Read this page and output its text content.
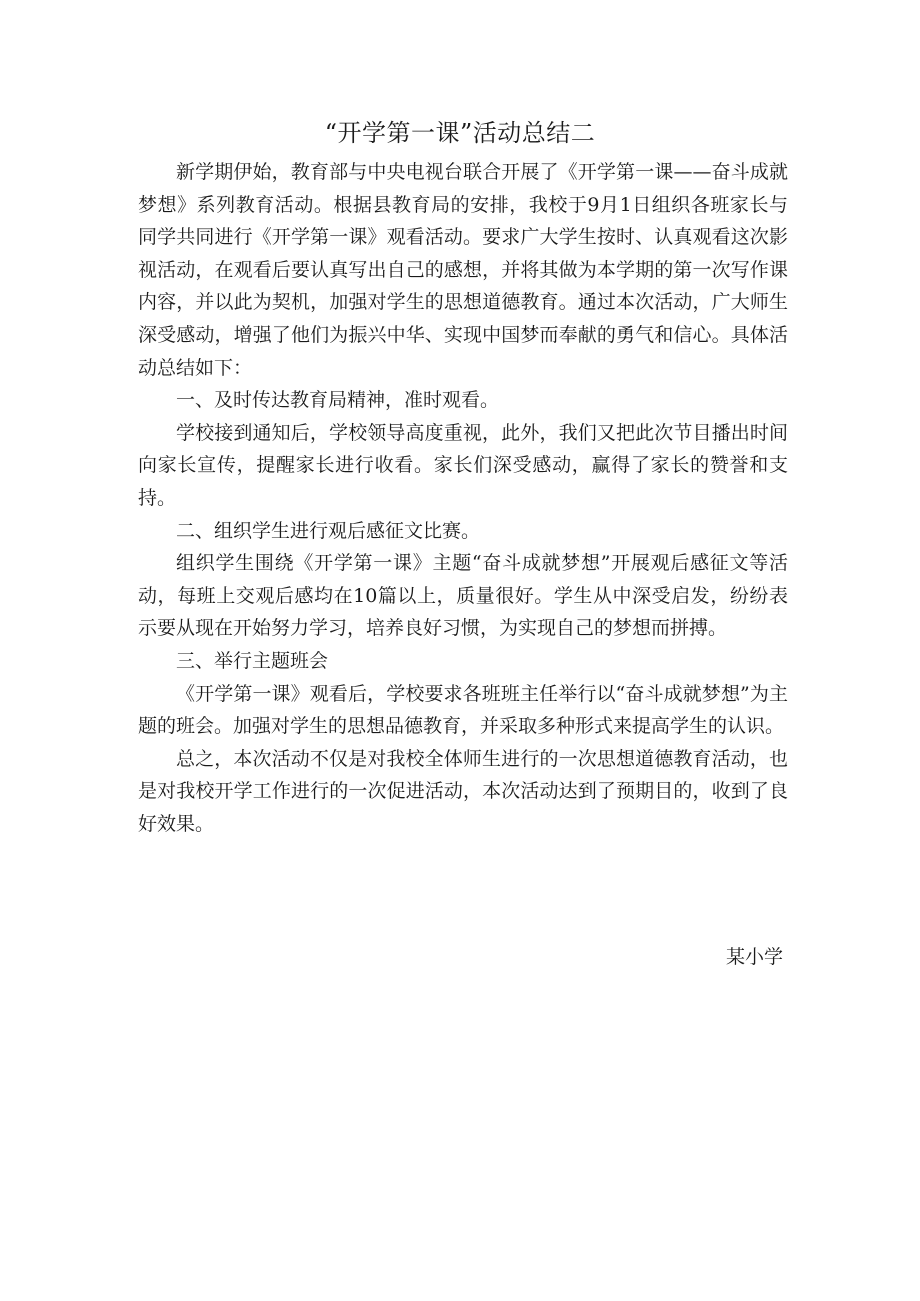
“开学第一课”活动总结二

新学期伊始，教育部与中央电视台联合开展了《开学第一课——奋斗成就梦想》系列教育活动。根据县教育局的安排，我校于9月1日组织各班家长与同学共同进行《开学第一课》观看活动。要求广大学生按时、认真观看这次影视活动，在观看后要认真写出自己的感想，并将其做为本学期的第一次写作课内容，并以此为契机，加强对学生的思想道德教育。通过本次活动，广大师生深受感动，增强了他们为振兴中华、实现中国梦而奉献的勇气和信心。具体活动总结如下：

一、及时传达教育局精神，准时观看。

学校接到通知后，学校领导高度重视，此外，我们又把此次节目播出时间向家长宣传，提醒家长进行收看。家长们深受感动，赢得了家长的赞誉和支持。

二、组织学生进行观后感征文比赛。

组织学生围绕《开学第一课》主题“奋斗成就梦想”开展观后感征文等活动，每班上交观后感均在10篇以上，质量很好。学生从中深受启发，纷纷表示要从现在开始努力学习，培养良好习惯，为实现自己的梦想而拼搏。

三、举行主题班会

《开学第一课》观看后，学校要求各班班主任举行以“奋斗成就梦想”为主题的班会。加强对学生的思想品德教育，并采取多种形式来提高学生的认识。

总之，本次活动不仅是对我校全体师生进行的一次思想道德教育活动，也是对我校开学工作进行的一次促进活动，本次活动达到了预期目的，收到了良好效果。

某小学
